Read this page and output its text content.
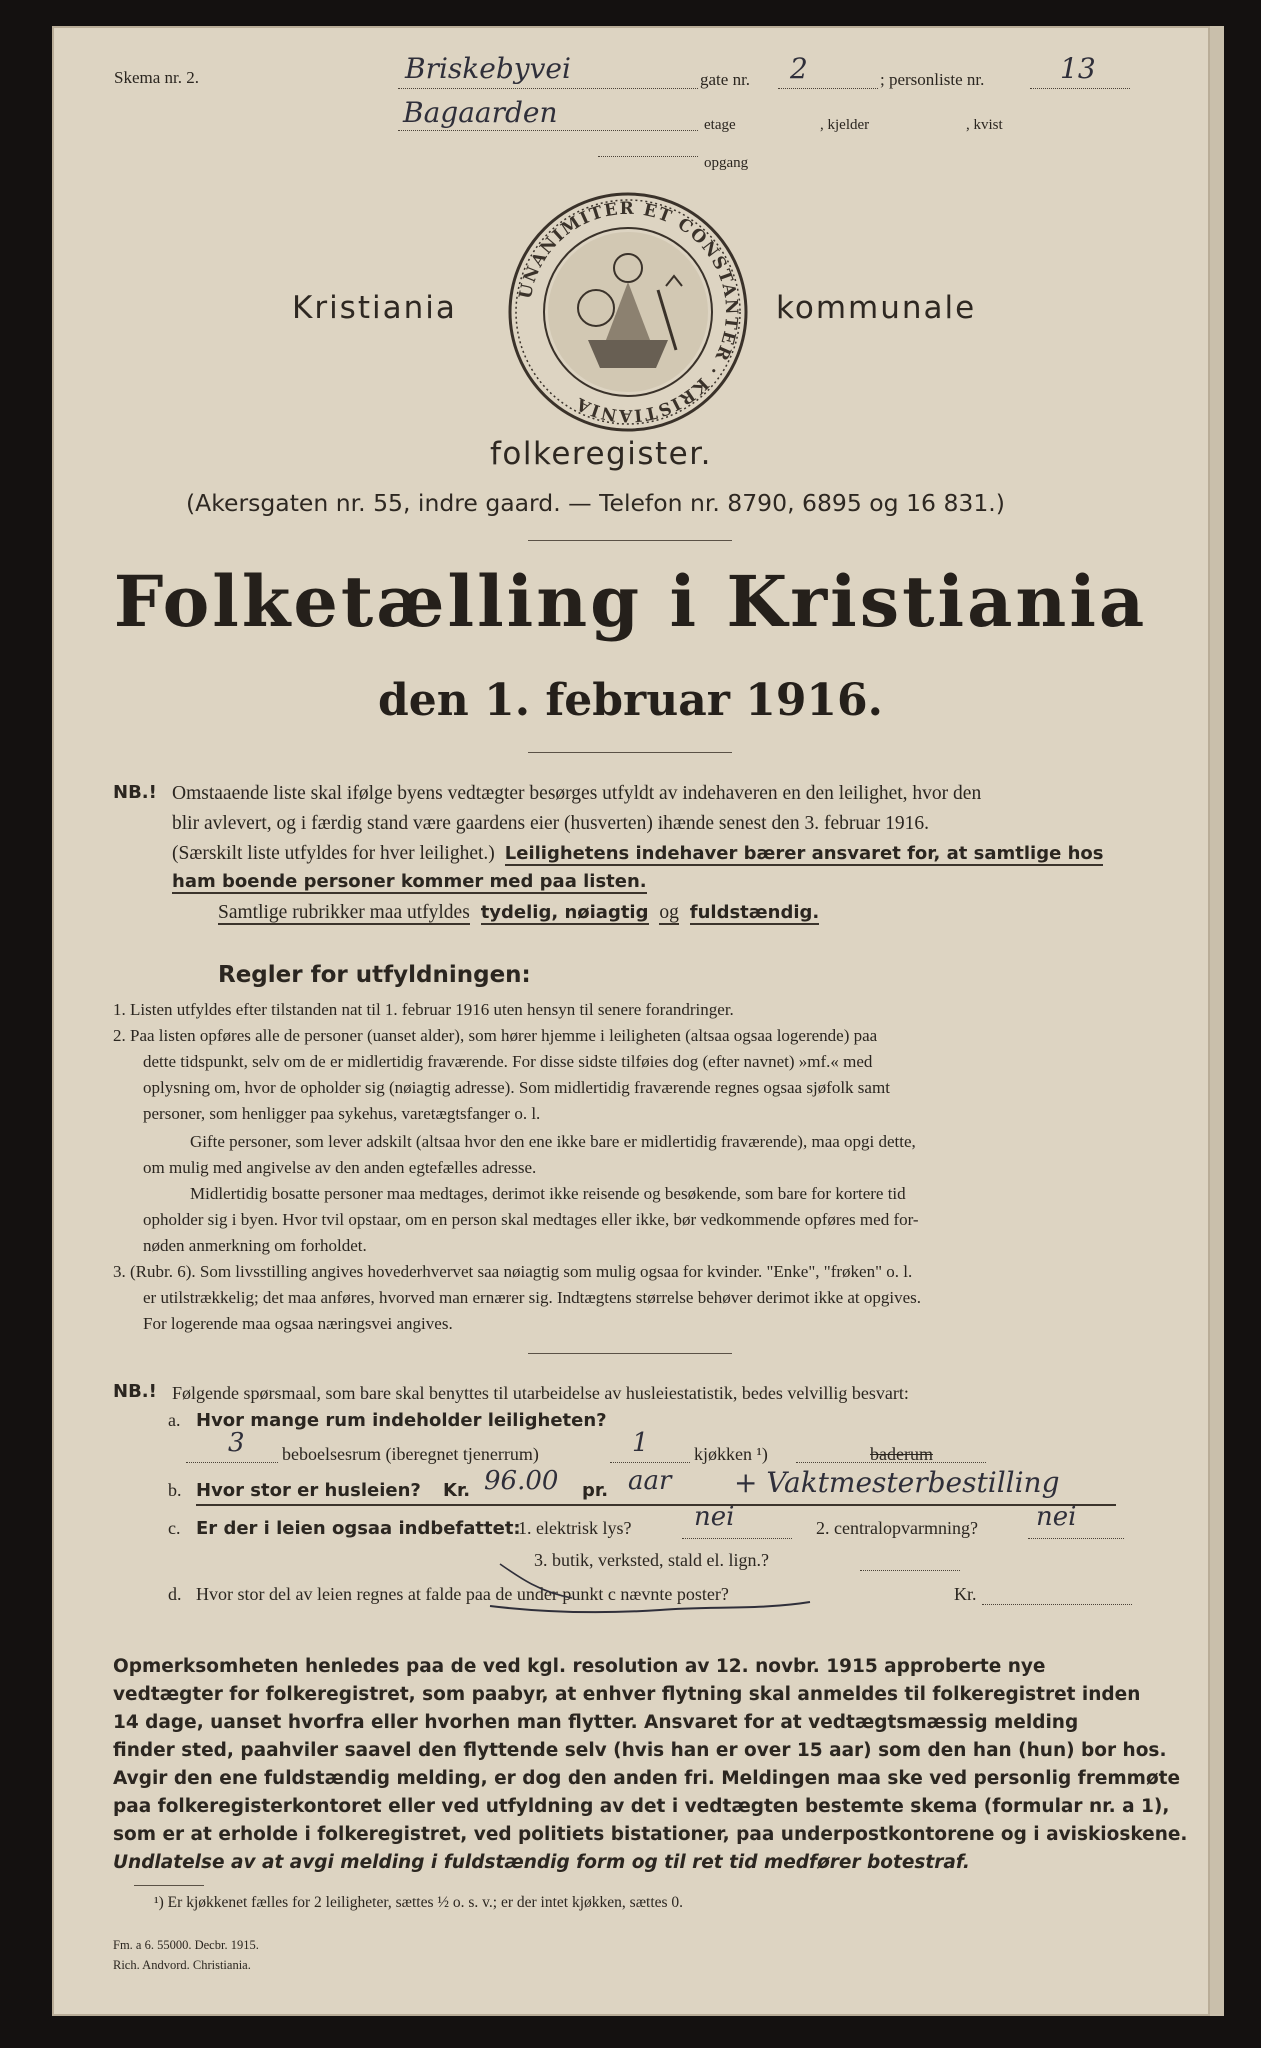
Skema nr. 2.	Briskebyvei	gate nr. 2	; personliste nr.	13
Bagaarden	etage	, kjelder	, kvist
opgang
Kristiania	kommunale
UNANIMITER ET CONSTANTER · KRISTIANIA
folkeregister.
(Akersgaten nr. 55, indre gaard. — Telefon nr. 8790, 6895 og 16 831.)
Folketælling i Kristiania
den 1. februar 1916.
NB.! Omstaaende liste skal ifølge byens vedtægter besørges utfyldt av indehaveren en den leilighet, hvor den
blir avlevert, og i færdig stand være gaardens eier (husverten) ihænde senest den 3. februar 1916.
(Særskilt liste utfyldes for hver leilighet.) Leilighetens indehaver bærer ansvaret for, at samtlige hos
ham boende personer kommer med paa listen.
Samtlige rubrikker maa utfyldes tydelig, nøiagtig og fuldstændig.
Regler for utfyldningen:
1. Listen utfyldes efter tilstanden nat til 1. februar 1916 uten hensyn til senere forandringer.
2. Paa listen opføres alle de personer (uanset alder), som hører hjemme i leiligheten (altsaa ogsaa logerende) paa
dette tidspunkt, selv om de er midlertidig fraværende. For disse sidste tilføies dog (efter navnet) »mf.« med
oplysning om, hvor de opholder sig (nøiagtig adresse). Som midlertidig fraværende regnes ogsaa sjøfolk samt
personer, som henligger paa sykehus, varetægtsfanger o. l.
Gifte personer, som lever adskilt (altsaa hvor den ene ikke bare er midlertidig fraværende), maa opgi dette,
om mulig med angivelse av den anden egtefælles adresse.
Midlertidig bosatte personer maa medtages, derimot ikke reisende og besøkende, som bare for kortere tid
opholder sig i byen. Hvor tvil opstaar, om en person skal medtages eller ikke, bør vedkommende opføres med for-
nøden anmerkning om forholdet.
3. (Rubr. 6). Som livsstilling angives hovederhvervet saa nøiagtig som mulig ogsaa for kvinder. "Enke", "frøken" o. l.
er utilstrækkelig; det maa anføres, hvorved man ernærer sig. Indtægtens størrelse behøver derimot ikke at opgives.
For logerende maa ogsaa næringsvei angives.
NB.! Følgende spørsmaal, som bare skal benyttes til utarbeidelse av husleiestatistik, bedes velvillig besvart:
a. Hvor mange rum indeholder leiligheten?
3 beboelsesrum (iberegnet tjenerrum)	1	kjøkken ¹)	baderum
b. Hvor stor er husleien? Kr. 96.00 pr. aar + Vaktmesterbestilling
c. Er der i leien ogsaa indbefattet:
1. elektrisk lys? nei	2. centralopvarmning? nei
3. butik, verksted, stald el. lign.?
d. Hvor stor del av leien regnes at falde paa de under punkt c nævnte poster?	Kr.
Opmerksomheten henledes paa de ved kgl. resolution av 12. novbr. 1915 approberte nye
vedtægter for folkeregistret, som paabyr, at enhver flytning skal anmeldes til folkeregistret inden
14 dage, uanset hvorfra eller hvorhen man flytter. Ansvaret for at vedtægtsmæssig melding
finder sted, paahviler saavel den flyttende selv (hvis han er over 15 aar) som den han (hun) bor hos.
Avgir den ene fuldstændig melding, er dog den anden fri. Meldingen maa ske ved personlig fremmøte
paa folkeregisterkontoret eller ved utfyldning av det i vedtægten bestemte skema (formular nr. a 1),
som er at erholde i folkeregistret, ved politiets bistationer, paa underpostkontorene og i aviskioskene.
Undlatelse av at avgi melding i fuldstændig form og til ret tid medfører botestraf.
¹) Er kjøkkenet fælles for 2 leiligheter, sættes ½ o. s. v.; er der intet kjøkken, sættes 0.
Fm. a 6. 55000. Decbr. 1915.
Rich. Andvord. Christiania.
